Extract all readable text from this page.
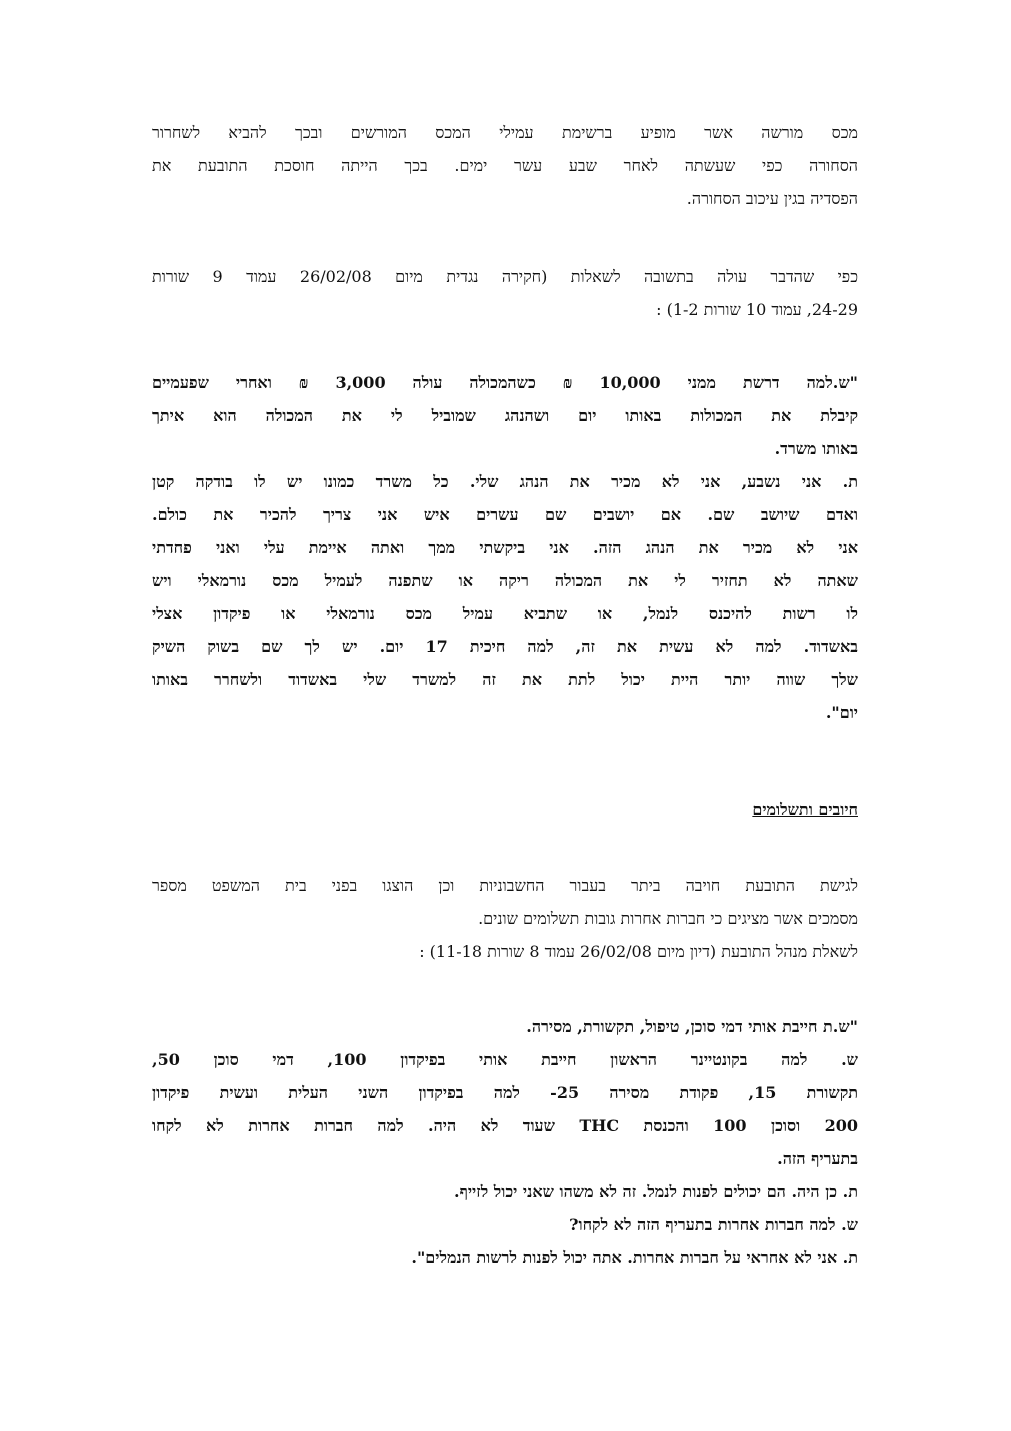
מכס מורשה אשר מופיע ברשימת עמילי המכס המורשים ובכך להביא לשחרור
הסחורה כפי שעשתה לאחר שבע עשר ימים. בכך הייתה חוסכת התובעת את
הפסדיה בגין עיכוב הסחורה.
כפי שהדבר עולה בתשובה לשאלות (חקירה נגדית מיום 26/02/08 עמוד 9 שורות
24-29, עמוד 10 שורות 1-2) :
"ש.למה דרשת ממני 10,000 ₪ כשהמכולה עולה 3,000 ₪ ואחרי שפעמיים
קיבלת את המכולות באותו יום ושהנהג שמוביל לי את המכולה הוא איתך
באותו משרד.
ת. אני נשבע, אני לא מכיר את הנהג שלי. כל משרד כמונו יש לו בודקה קטן
ואדם שיושב שם. אם יושבים שם עשרים איש אני צריך להכיר את כולם.
אני לא מכיר את הנהג הזה. אני ביקשתי ממך ואתה איימת עלי ואני פחדתי
שאתה לא תחזיר לי את המכולה ריקה או שתפנה לעמיל מכס נורמאלי ויש
לו רשות להיכנס לנמל, או שתביא עמיל מכס נורמאלי או פיקדון אצלי
באשדוד. למה לא עשית את זה, למה חיכית 17 יום. יש לך שם בשוק השיק
שלך שווה יותר היית יכול לתת את זה למשרד שלי באשדוד ולשחרר באותו
יום".
חיובים ותשלומים
לגישת התובעת חויבה ביתר בעבור החשבוניות וכן הוצגו בפני בית המשפט מספר
מסמכים אשר מציגים כי חברות אחרות גובות תשלומים שונים.
לשאלת מנהל התובעת (דיון מיום 26/02/08 עמוד 8 שורות 11-18) :
"ש.ת חייבת אותי דמי סוכן, טיפול, תקשורת, מסירה.
ש. למה בקונטיינר הראשון חייבת אותי בפיקדון 100, דמי סוכן 50,
תקשורת 15, פקודת מסירה 25- למה בפיקדון השני העלית ועשית פיקדון
200 וסוכן 100 והכנסת THC שעוד לא היה. למה חברות אחרות לא לקחו
בתעריף הזה.
ת. כן היה. הם יכולים לפנות לנמל. זה לא משהו שאני יכול לזייף.
ש. למה חברות אחרות בתעריף הזה לא לקחו?
ת. אני לא אחראי על חברות אחרות. אתה יכול לפנות לרשות הנמלים".
